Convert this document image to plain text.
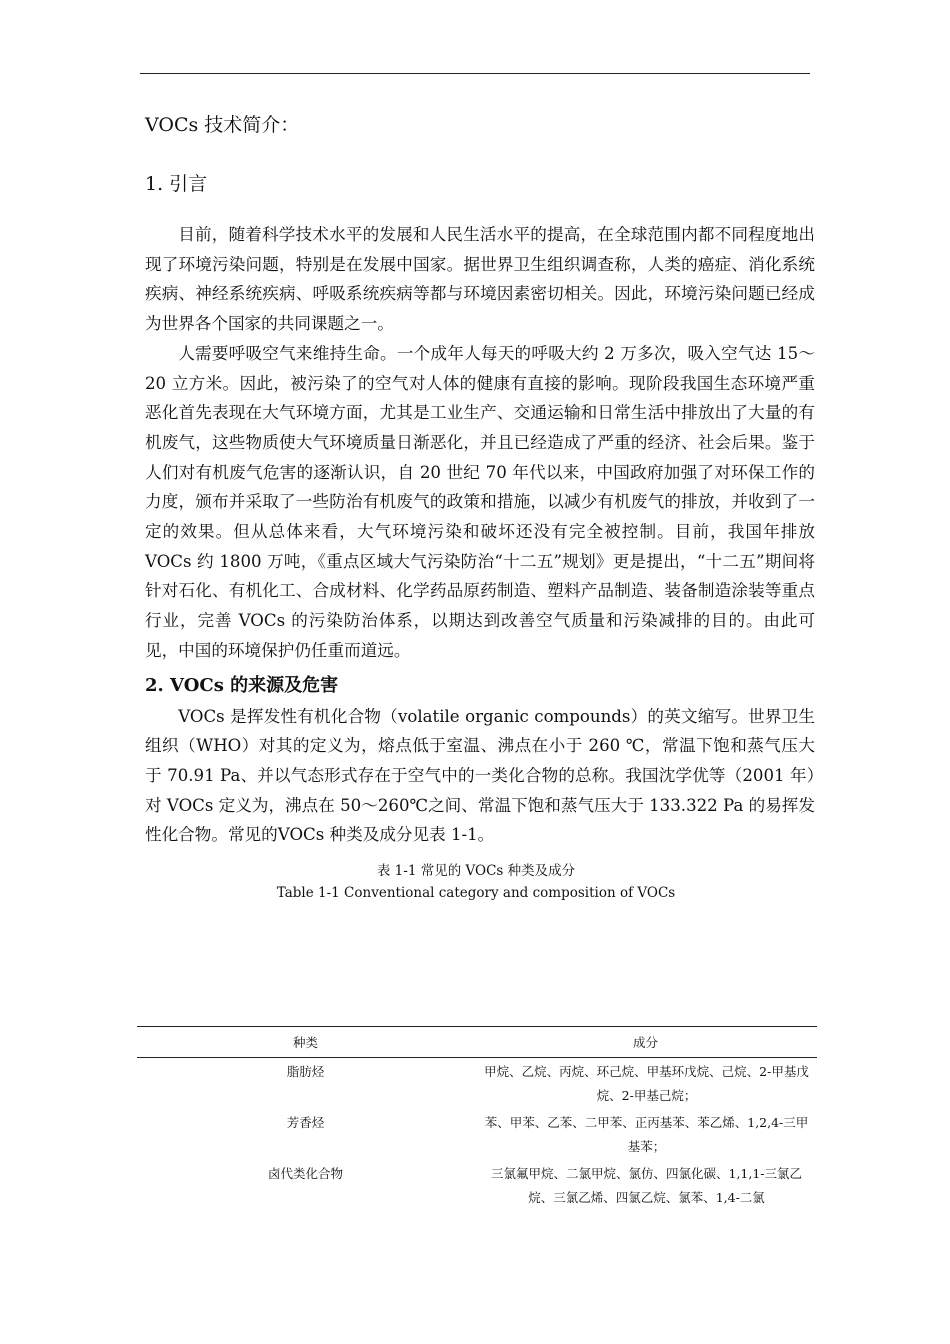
VOCs 技术简介：
1. 引言

目前，随着科学技术水平的发展和人民生活水平的提高，在全球范围内都不同程度地出现了环境污染问题，特别是在发展中国家。据世界卫生组织调查称，人类的癌症、消化系统疾病、神经系统疾病、呼吸系统疾病等都与环境因素密切相关。因此，环境污染问题已经成为世界各个国家的共同课题之一。

人需要呼吸空气来维持生命。一个成年人每天的呼吸大约 2 万多次，吸入空气达 15～20 立方米。因此，被污染了的空气对人体的健康有直接的影响。现阶段我国生态环境严重恶化首先表现在大气环境方面，尤其是工业生产、交通运输和日常生活中排放出了大量的有机废气，这些物质使大气环境质量日渐恶化，并且已经造成了严重的经济、社会后果。鉴于人们对有机废气危害的逐渐认识，自 20 世纪 70 年代以来，中国政府加强了对环保工作的力度，颁布并采取了一些防治有机废气的政策和措施，以减少有机废气的排放，并收到了一定的效果。但从总体来看，大气环境污染和破坏还没有完全被控制。目前，我国年排放 VOCs 约 1800 万吨，《重点区域大气污染防治“十二五”规划》更是提出，“十二五”期间将针对石化、有机化工、合成材料、化学药品原药制造、塑料产品制造、装备制造涂装等重点行业，完善 VOCs 的污染防治体系，以期达到改善空气质量和污染减排的目的。由此可见，中国的环境保护仍任重而道远。

2. VOCs 的来源及危害

VOCs 是挥发性有机化合物（volatile organic compounds）的英文缩写。世界卫生组织（WHO）对其的定义为，熔点低于室温、沸点在小于 260 ℃，常温下饱和蒸气压大于 70.91 Pa、并以气态形式存在于空气中的一类化合物的总称。我国沈学优等（2001 年）对 VOCs 定义为，沸点在 50～260℃之间、常温下饱和蒸气压大于 133.322 Pa 的易挥发性化合物。常见的VOCs 种类及成分见表 1-1。

表 1-1 常见的 VOCs 种类及成分
Table 1-1 Conventional category and composition of VOCs
种类	成分
脂肪烃	甲烷、乙烷、丙烷、环己烷、甲基环戊烷、己烷、2-甲基戊烷、2-甲基己烷；
芳香烃	苯、甲苯、乙苯、二甲苯、正丙基苯、苯乙烯、1,2,4-三甲基苯；
卤代类化合物	三氯氟甲烷、二氯甲烷、氯仿、四氯化碳、1,1,1-三氯乙烷、三氯乙烯、四氯乙烷、氯苯、1,4-二氯
